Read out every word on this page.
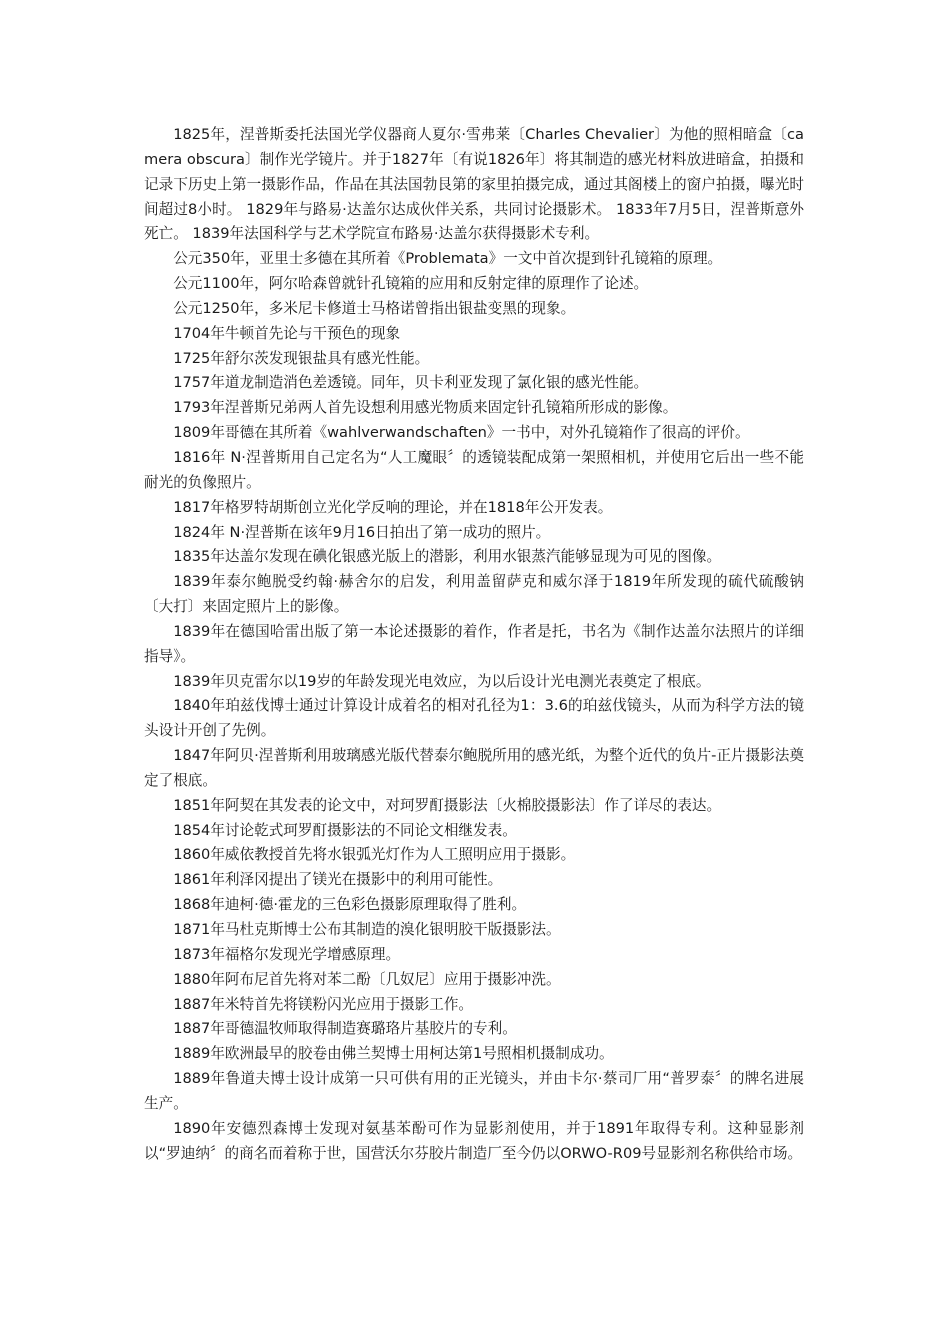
1825年，涅普斯委托法国光学仪器商人夏尔·雪弗莱〔Charles Chevalier〕为他的照相暗盒〔camera obscura〕制作光学镜片。并于1827年〔有说1826年〕将其制造的感光材料放进暗盒，拍摄和记录下历史上第一摄影作品，作品在其法国勃艮第的家里拍摄完成，通过其阁楼上的窗户拍摄，曝光时间超过8小时。 1829年与路易·达盖尔达成伙伴关系，共同讨论摄影术。 1833年7月5日，涅普斯意外死亡。 1839年法国科学与艺术学院宣布路易·达盖尔获得摄影术专利。

公元350年，亚里士多德在其所着《Problemata》一文中首次提到针孔镜箱的原理。

公元1100年，阿尔哈森曾就针孔镜箱的应用和反射定律的原理作了论述。

公元1250年，多米尼卡修道士马格诺曾指出银盐变黑的现象。

1704年牛顿首先论与干预色的现象

1725年舒尔茨发现银盐具有感光性能。

1757年道龙制造消色差透镜。同年，贝卡利亚发现了氯化银的感光性能。

1793年涅普斯兄弟两人首先设想利用感光物质来固定针孔镜箱所形成的影像。

1809年哥德在其所着《wahlverwandschaften》一书中，对外孔镜箱作了很高的评价。

1816年 N·涅普斯用自己定名为“人工魔眼〞的透镜装配成第一架照相机，并使用它后出一些不能耐光的负像照片。

1817年格罗特胡斯创立光化学反响的理论，并在1818年公开发表。

1824年 N·涅普斯在该年9月16日拍出了第一成功的照片。

1835年达盖尔发现在碘化银感光版上的潜影，利用水银蒸汽能够显现为可见的图像。

1839年泰尔鲍脱受约翰·赫舍尔的启发，利用盖留萨克和威尔泽于1819年所发现的硫代硫酸钠〔大打〕来固定照片上的影像。

1839年在德国哈雷出版了第一本论述摄影的着作，作者是托，书名为《制作达盖尔法照片的详细指导》。

1839年贝克雷尔以19岁的年龄发现光电效应，为以后设计光电测光表奠定了根底。

1840年珀兹伐博士通过计算设计成着名的相对孔径为1：3.6的珀兹伐镜头，从而为科学方法的镜头设计开创了先例。

1847年阿贝·涅普斯利用玻璃感光版代替泰尔鲍脱所用的感光纸，为整个近代的负片-正片摄影法奠定了根底。

1851年阿契在其发表的论文中，对珂罗酊摄影法〔火棉胶摄影法〕作了详尽的表达。

1854年讨论乾式珂罗酊摄影法的不同论文相继发表。

1860年威依教授首先将水银弧光灯作为人工照明应用于摄影。

1861年利泽冈提出了镁光在摄影中的利用可能性。

1868年迪柯·德·霍龙的三色彩色摄影原理取得了胜利。

1871年马杜克斯博士公布其制造的溴化银明胶干版摄影法。

1873年福格尔发现光学增感原理。

1880年阿布尼首先将对苯二酚〔几奴尼〕应用于摄影冲洗。

1887年米特首先将镁粉闪光应用于摄影工作。

1887年哥德温牧师取得制造赛璐珞片基胶片的专利。

1889年欧洲最早的胶卷由佛兰契博士用柯达第1号照相机摄制成功。

1889年鲁道夫博士设计成第一只可供有用的正光镜头，并由卡尔·蔡司厂用“普罗泰〞的牌名进展生产。

1890年安德烈森博士发现对氨基苯酚可作为显影剂使用，并于1891年取得专利。这种显影剂以“罗迪纳〞的商名而着称于世，国营沃尔芬胶片制造厂至今仍以ORWO-R09号显影剂名称供给市场。
